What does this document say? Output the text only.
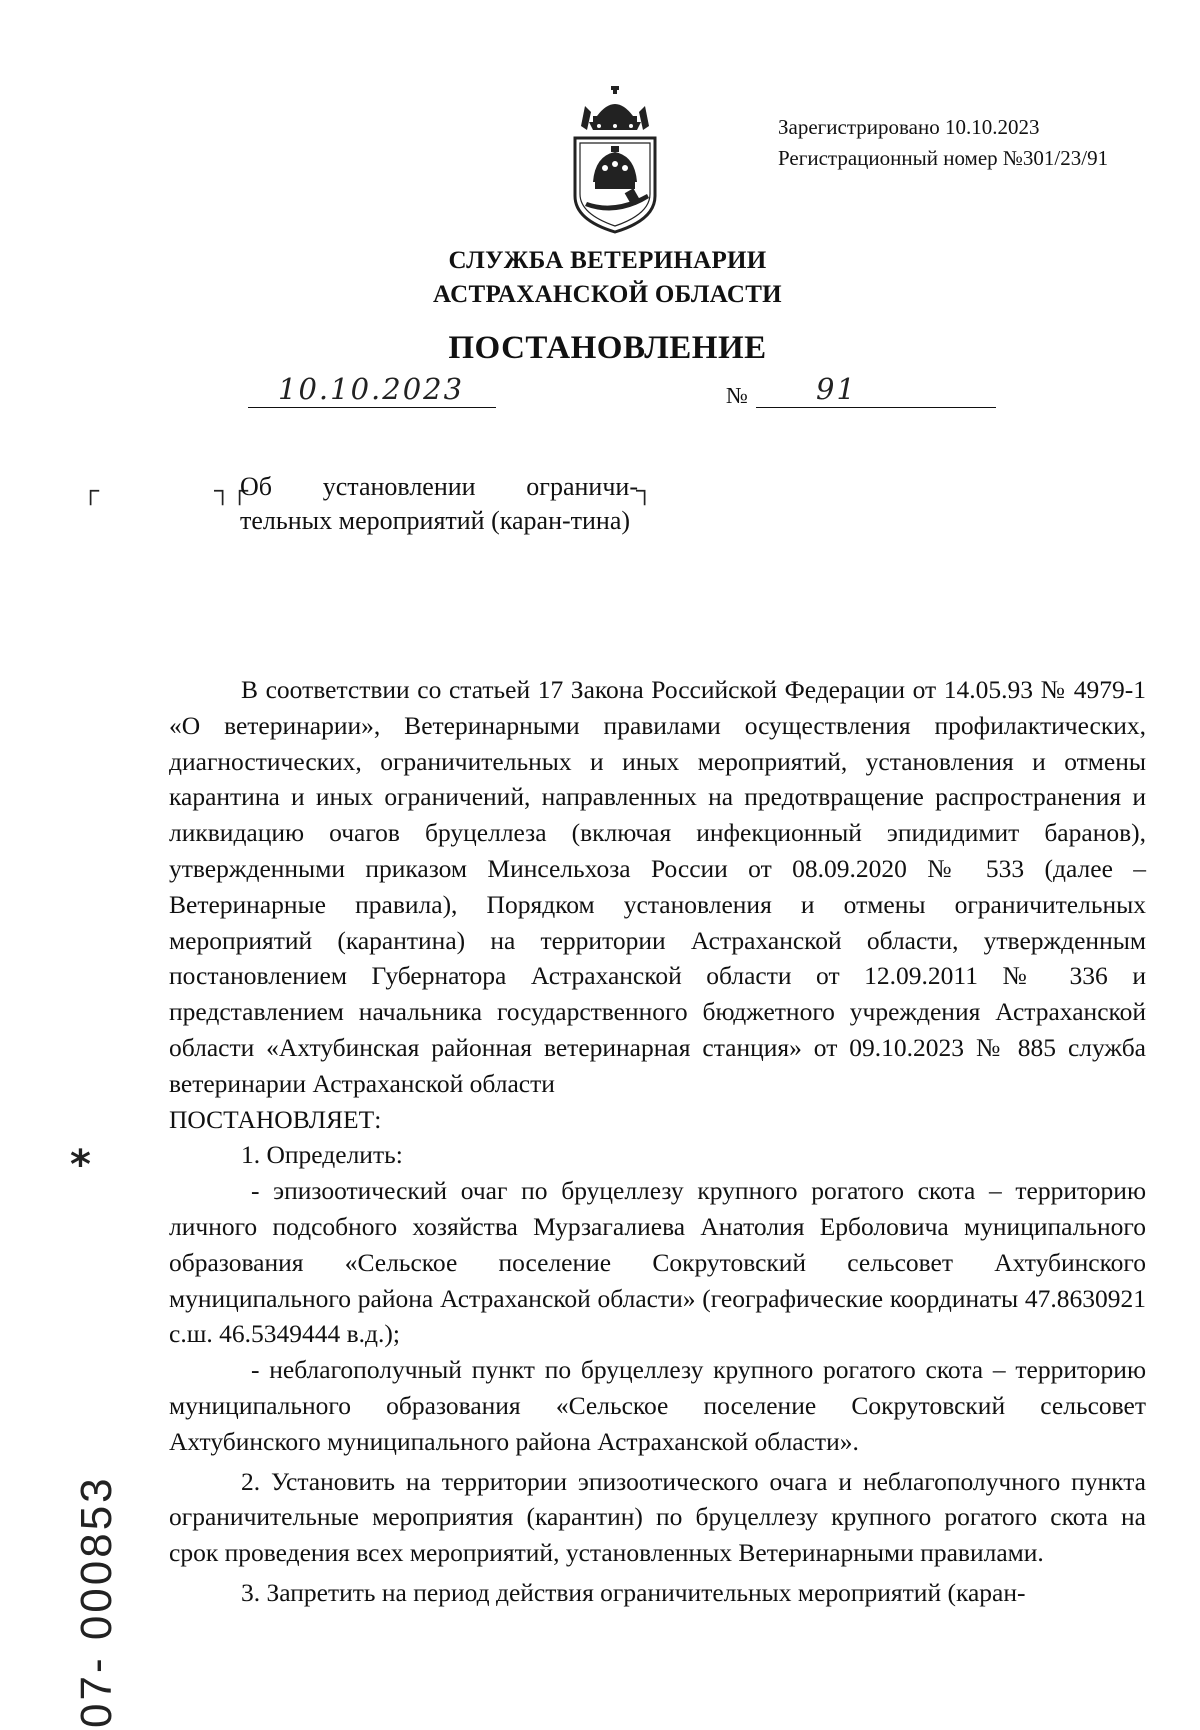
Зарегистрировано 10.10.2023
Регистрационный номер №301/23/91
СЛУЖБА ВЕТЕРИНАРИИ
АСТРАХАНСКОЙ ОБЛАСТИ
ПОСТАНОВЛЕНИЕ
10.10.2023	№ 91
┌	┐┌	┐
Об установлении ограничи-
тельных мероприятий (каран-тина)

В соответствии со статьей 17 Закона Российской Федерации от 14.05.93 № 4979-1 «О ветеринарии», Ветеринарными правилами осуществления профилактических, диагностических, ограничительных и иных мероприятий, установления и отмены карантина и иных ограничений, направленных на предотвращение распространения и ликвидацию очагов бруцеллеза (включая инфекционный эпидидимит баранов), утвержденными приказом Минсельхоза России от 08.09.2020 № 533 (далее – Ветеринарные правила), Порядком установления и отмены ограничительных мероприятий (карантина) на территории Астраханской области, утвержденным постановлением Губернатора Астраханской области от 12.09.2011 № 336 и представлением начальника государственного бюджетного учреждения Астраханской области «Ахтубинская районная ветеринарная станция» от 09.10.2023 № 885 служба ветеринарии Астраханской области

ПОСТАНОВЛЯЕТ:

1. Определить:

- эпизоотический очаг по бруцеллезу крупного рогатого скота – территорию личного подсобного хозяйства Мурзагалиева Анатолия Ерболовича муниципального образования «Сельское поселение Сокрутовский сельсовет Ахтубинского муниципального района Астраханской области» (географические координаты 47.8630921 с.ш. 46.5349444 в.д.);

- неблагополучный пункт по бруцеллезу крупного рогатого скота – территорию муниципального образования «Сельское поселение Сокрутовский сельсовет Ахтубинского муниципального района Астраханской области».

2. Установить на территории эпизоотического очага и неблагополучного пункта ограничительные мероприятия (карантин) по бруцеллезу крупного рогатого скота на срок проведения всех мероприятий, установленных Ветеринарными правилами.

3. Запретить на период действия ограничительных мероприятий (каран-

*
07- 000853
